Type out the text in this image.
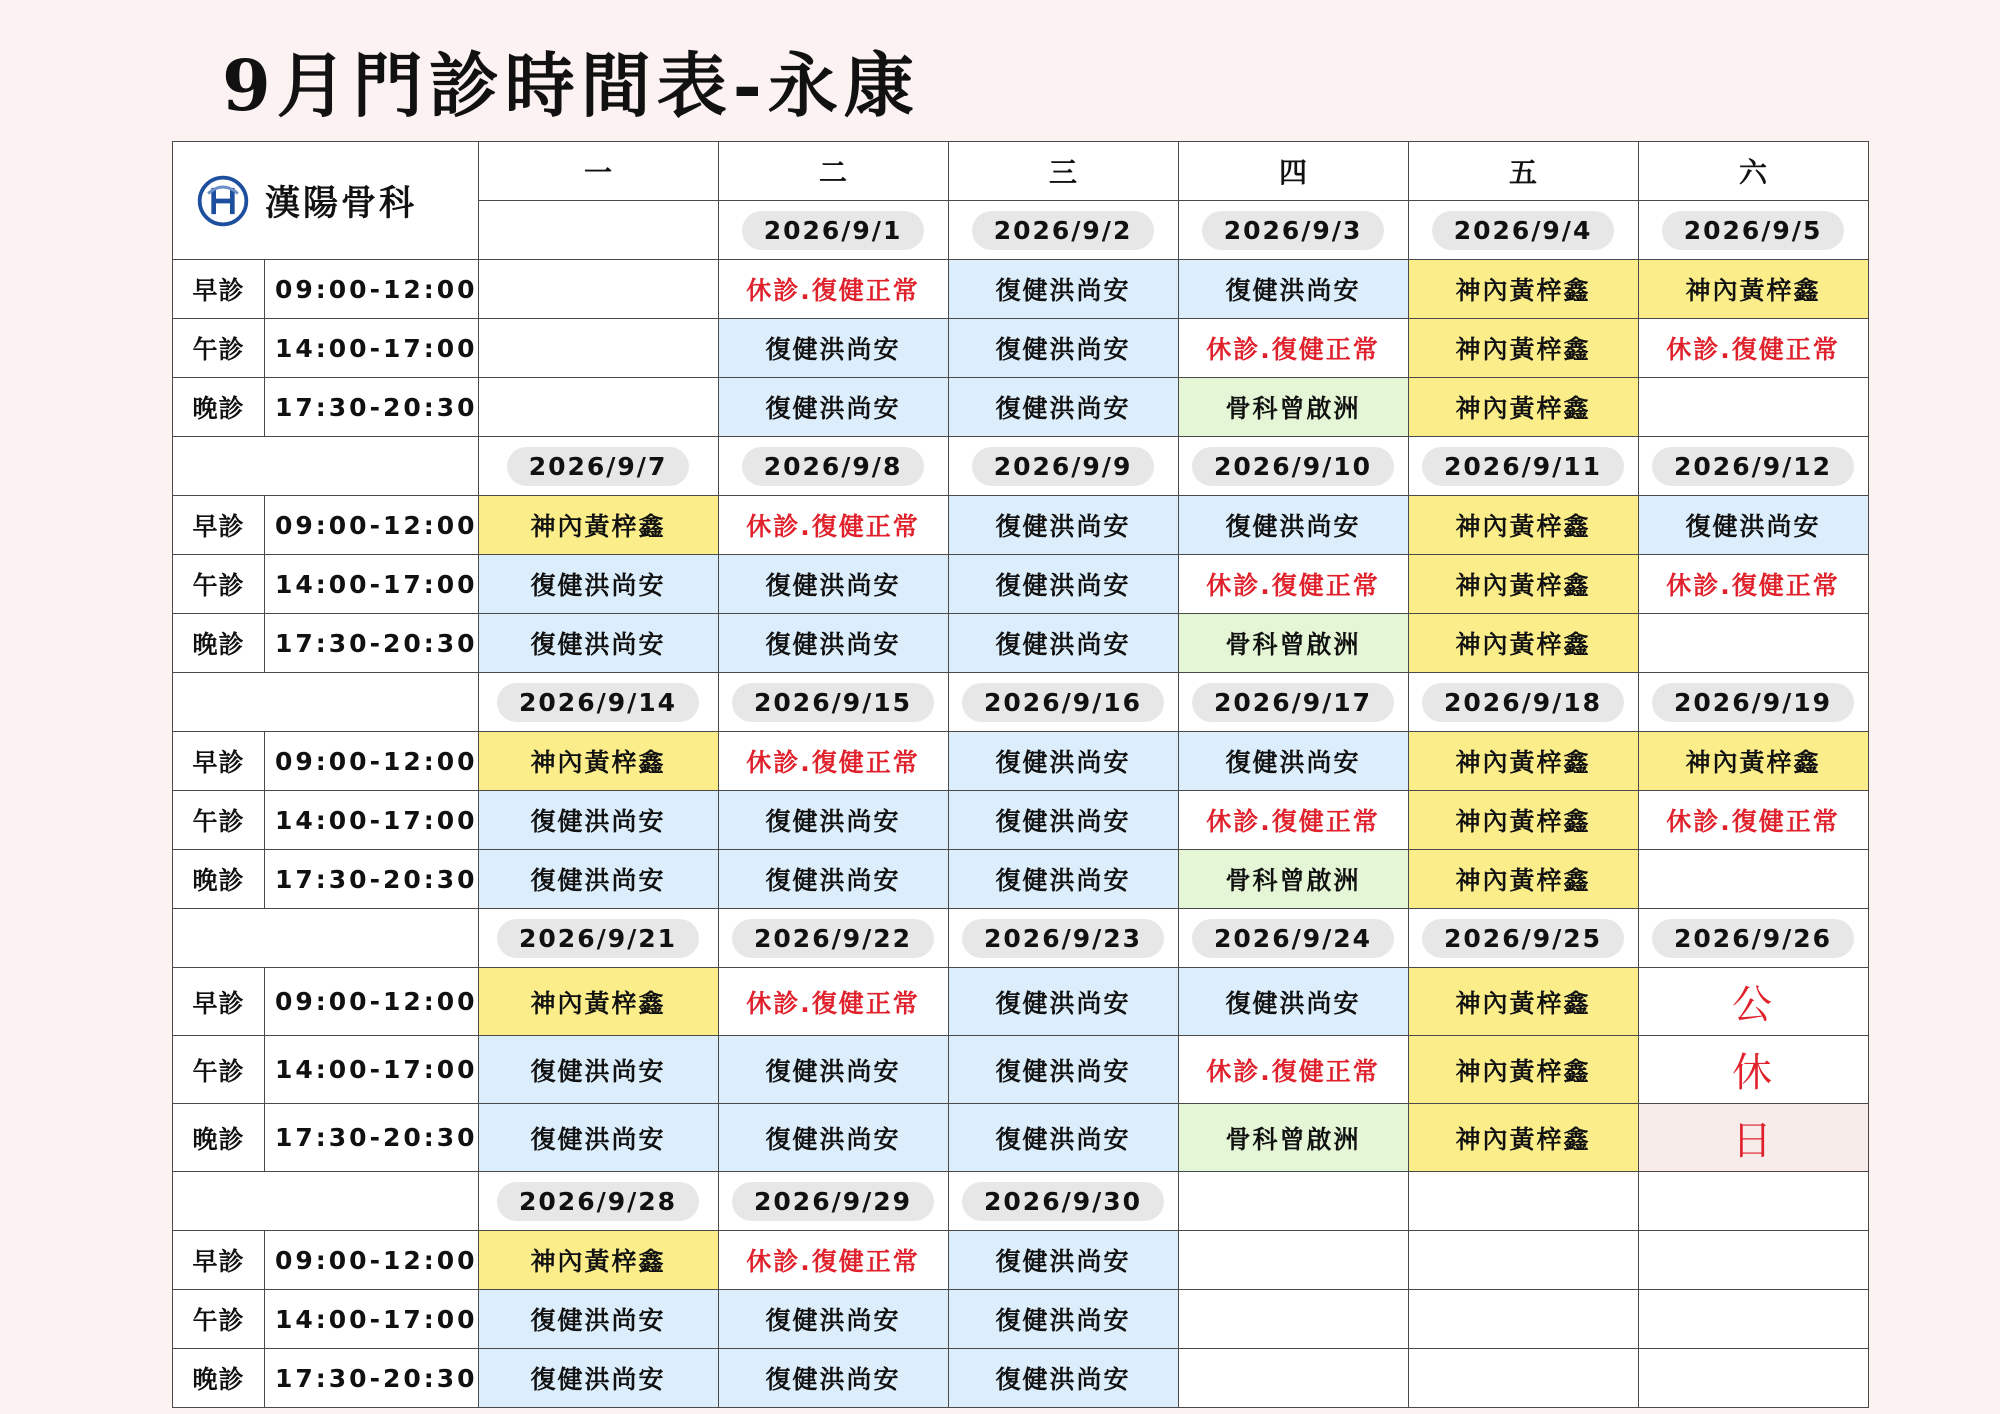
9月門診時間表-永康
漢陽骨科		一	二	三	四	五	六
			2026/9/1	2026/9/2	2026/9/3	2026/9/4	2026/9/5
早診	09:00-12:00		休診.復健正常	復健洪尚安	復健洪尚安	神內黃梓鑫	神內黃梓鑫
午診	14:00-17:00		復健洪尚安	復健洪尚安	休診.復健正常	神內黃梓鑫	休診.復健正常
晚診	17:30-20:30		復健洪尚安	復健洪尚安	骨科曾啟洲	神內黃梓鑫	
		2026/9/7	2026/9/8	2026/9/9	2026/9/10	2026/9/11	2026/9/12
早診	09:00-12:00	神內黃梓鑫	休診.復健正常	復健洪尚安	復健洪尚安	神內黃梓鑫	復健洪尚安
午診	14:00-17:00	復健洪尚安	復健洪尚安	復健洪尚安	休診.復健正常	神內黃梓鑫	休診.復健正常
晚診	17:30-20:30	復健洪尚安	復健洪尚安	復健洪尚安	骨科曾啟洲	神內黃梓鑫	
		2026/9/14	2026/9/15	2026/9/16	2026/9/17	2026/9/18	2026/9/19
早診	09:00-12:00	神內黃梓鑫	休診.復健正常	復健洪尚安	復健洪尚安	神內黃梓鑫	神內黃梓鑫
午診	14:00-17:00	復健洪尚安	復健洪尚安	復健洪尚安	休診.復健正常	神內黃梓鑫	休診.復健正常
晚診	17:30-20:30	復健洪尚安	復健洪尚安	復健洪尚安	骨科曾啟洲	神內黃梓鑫	
		2026/9/21	2026/9/22	2026/9/23	2026/9/24	2026/9/25	2026/9/26
早診	09:00-12:00	神內黃梓鑫	休診.復健正常	復健洪尚安	復健洪尚安	神內黃梓鑫	公
午診	14:00-17:00	復健洪尚安	復健洪尚安	復健洪尚安	休診.復健正常	神內黃梓鑫	休
晚診	17:30-20:30	復健洪尚安	復健洪尚安	復健洪尚安	骨科曾啟洲	神內黃梓鑫	日
		2026/9/28	2026/9/29	2026/9/30			
早診	09:00-12:00	神內黃梓鑫	休診.復健正常	復健洪尚安			
午診	14:00-17:00	復健洪尚安	復健洪尚安	復健洪尚安			
晚診	17:30-20:30	復健洪尚安	復健洪尚安	復健洪尚安			
